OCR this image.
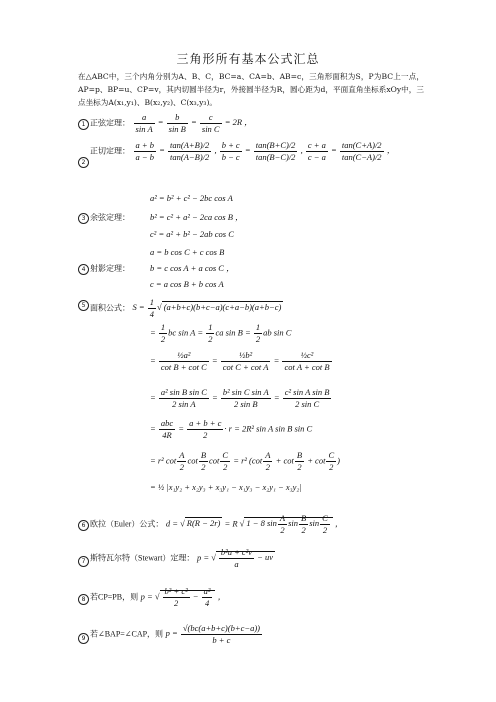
三角形所有基本公式汇总

在△ABC中，三个内角分别为A、B、C，BC=a、CA=b、AB=c，三角形面积为S，P为BC上一点，AP=p、BP=u、CP=v，其内切圆半径为r，外接圆半径为R，圆心距为d，平面直角坐标系xOy中，三点坐标为A(x₁,y₁)、B(x₂,y₂)、C(x₃,y₃)。

1 正弦定理： $\frac{a}{\text{sin A}} = \frac{b}{\text{sin B}} = \frac{c}{\text{sin C}} = 2R$ ，
2
正切定理： $\frac{a + b}{a - b} = \frac{\tan(A+B)/2}{\tan(A-B)/2}$ , $\frac{b + c}{b - c} = \frac{\tan(B+C)/2}{\tan(B-C)/2}$ , $\frac{c + a}{c - a} = \frac{\tan(C+A)/2}{\tan(C-A)/2}$ ，
a² = b² + c² − 2bc cos A
3 余弦定理： b² = c² + a² − 2ca cos B ，
c² = a² + b² − 2ab cos C
a = b cos C + c cos B
4 射影定理： b = c cos A + a cos C ，
c = a cos B + b cos A
5 面积公式： $S = \frac{1}{4}$ √ (a+b+c)(b+c−a)(c+a−b)(a+b−c)
= $\frac{1}{2}$ bc $\sin A = \frac{1}{2}$ ca $\sin B = \frac{1}{2}$ ab sin C
= $\frac{\text{½a²}}{\text{cot B + cot C}} = \frac{\text{½b²}}{\text{cot C + cot A}} = \frac{\text{½c²}}{\text{cot A + cot B}}$
= $\frac{\text{a² sin B sin C}}{\text{2 sin A}} = \frac{\text{b² sin C sin A}}{\text{2 sin B}} = \frac{\text{c² sin A sin B}}{\text{2 sin C}}$
= $\frac{\text{abc}}{4R} = \frac{a + b + c}{2} \cdot r = 2R^2$ sin A sin B sin C
= r² $\cot \frac{A}{2}$ $\cot \frac{B}{2}$ $\cot \frac{C}{2} = r^2$ ($\cot \frac{A}{2} + \cot \frac{B}{2} + \cot \frac{C}{2}$ )
= ½ |x₁y₂ + x₂y₃ + x₃y₁ − x₁y₃ − x₂y₁ − x₃y₂|
6 欧拉（Euler）公式： d = √ R(R − 2r) = R √ 1 − 8 $\sin \frac{A}{2}$ $\sin \frac{B}{2}$ $\sin \frac{C}{2}$ ，
7 斯特瓦尔特（Stewart）定理： p = √ $\frac{\text{b²u + c²v}}{a}$ − uv
8 若CP=PB，则 p = √ $\frac{\text{b² + c²}}{2} - \frac{\text{a²}}{4}$ ，
9
若∠BAP=∠CAP，则 $p = \frac{√(bc(a+b+c)(b+c-a))}{b + c}$
